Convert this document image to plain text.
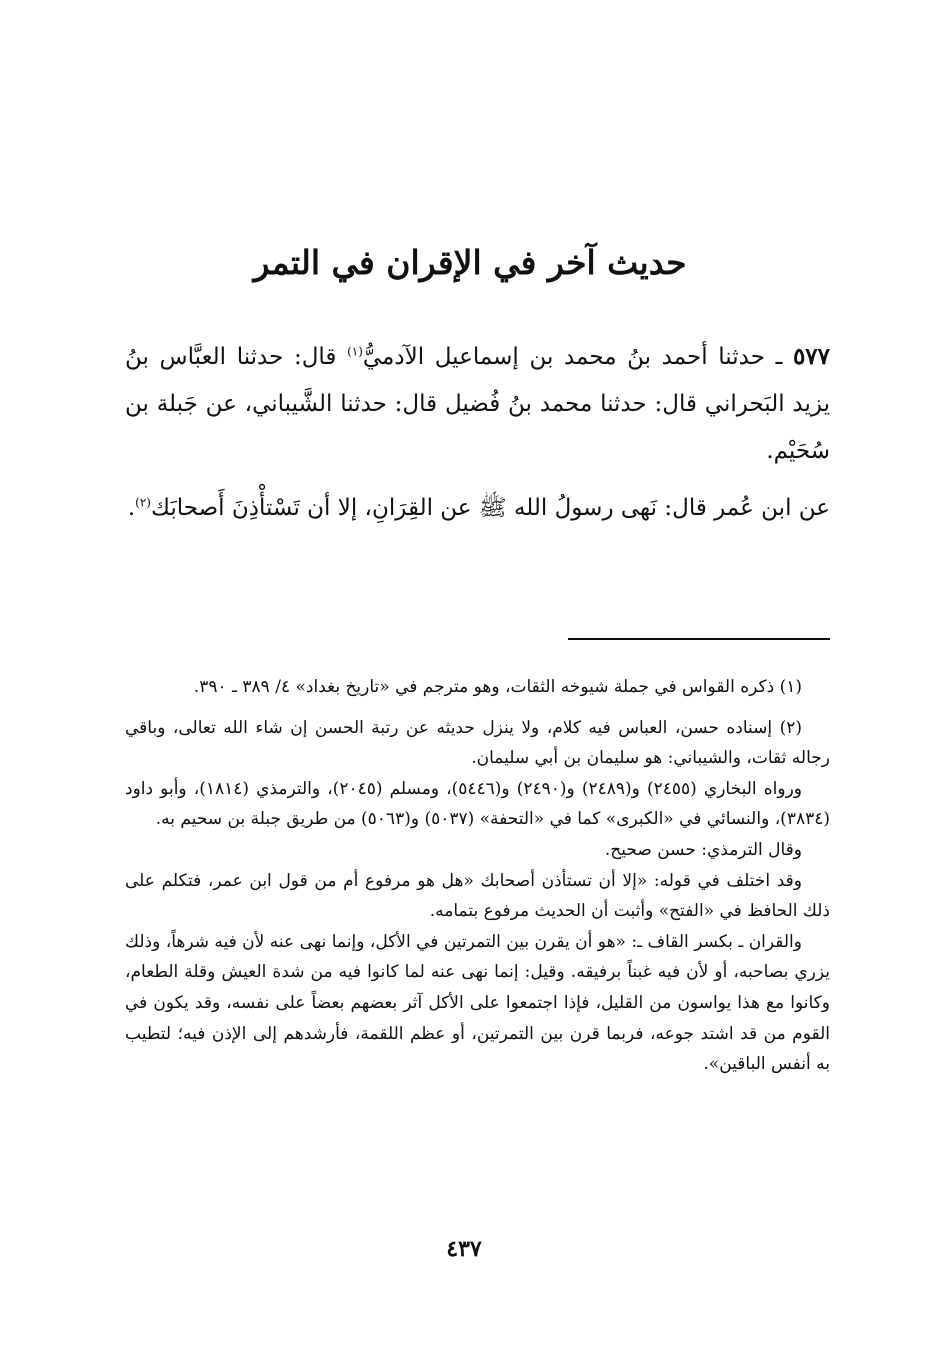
حديث آخر في الإقران في التمر

٥٧٧ ـ حدثنا أحمد بنُ محمد بن إسماعيل الآدميُّ$^{(١)}$ قال: حدثنا العبَّاس بنُ يزيد البَحراني قال: حدثنا محمد بنُ فُضيل قال: حدثنا الشَّيباني، عن جَبلة بن سُحَيْم.

عن ابن عُمر قال: نَهى رسولُ الله ﷺ عن القِرَانِ، إلا أن تَسْتأْذِنَ أَصحابَك$^{(٢)}$.

(١) ذكره القواس في جملة شيوخه الثقات، وهو مترجم في «تاريخ بغداد» ٤/ ٣٨٩ ـ ٣٩٠.

(٢) إسناده حسن، العباس فيه كلام، ولا ينزل حديثه عن رتبة الحسن إن شاء الله تعالى، وباقي رجاله ثقات، والشيباني: هو سليمان بن أبي سليمان.

ورواه البخاري (٢٤٥٥) و(٢٤٨٩) و(٢٤٩٠) و(٥٤٤٦)، ومسلم (٢٠٤٥)، والترمذي (١٨١٤)، وأبو داود (٣٨٣٤)، والنسائي في «الكبرى» كما في «التحفة» (٥٠٣٧) و(٥٠٦٣) من طريق جبلة بن سحيم به.

وقال الترمذي: حسن صحيح.

وقد اختلف في قوله: «إلا أن تستأذن أصحابك «هل هو مرفوع أم من قول ابن عمر، فتكلم على ذلك الحافظ في «الفتح» وأثبت أن الحديث مرفوع بتمامه.

والقران ـ بكسر القاف ـ: «هو أن يقرن بين التمرتين في الأكل، وإنما نهى عنه لأن فيه شرهاً، وذلك يزري بصاحبه، أو لأن فيه غبناً برفيقه. وقيل: إنما نهى عنه لما كانوا فيه من شدة العيش وقلة الطعام، وكانوا مع هذا يواسون من القليل، فإذا اجتمعوا على الأكل آثر بعضهم بعضاً على نفسه، وقد يكون في القوم من قد اشتد جوعه، فربما قرن بين التمرتين، أو عظم اللقمة، فأرشدهم إلى الإذن فيه؛ لتطيب به أنفس الباقين».

٤٣٧
